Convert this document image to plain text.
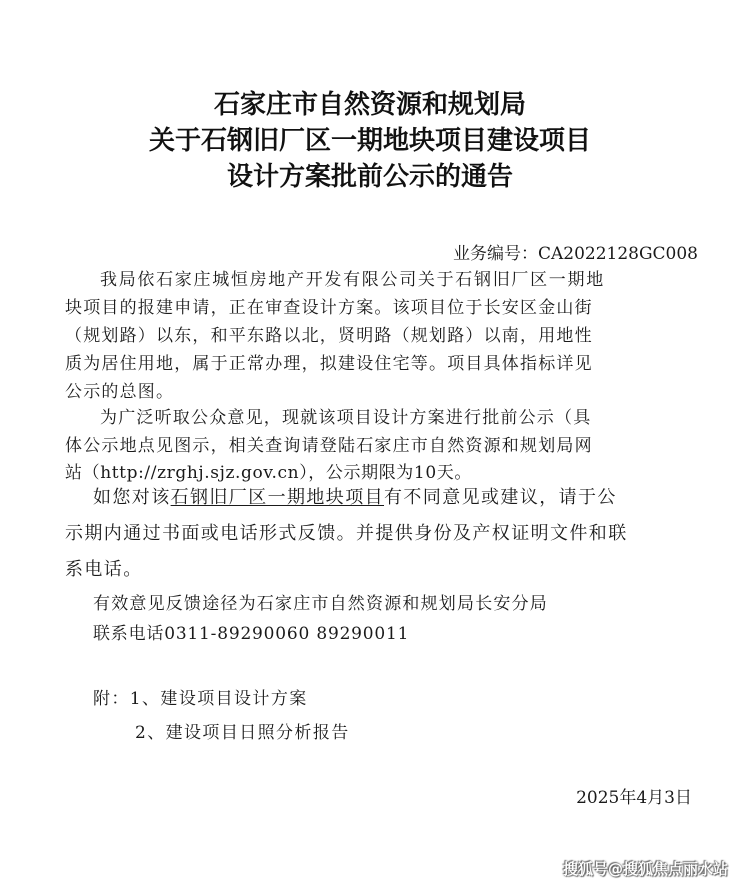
石家庄市自然资源和规划局
关于石钢旧厂区一期地块项目建设项目
设计方案批前公示的通告
业务编号：CA2022128GC008
我局依石家庄城恒房地产开发有限公司关于石钢旧厂区一期地
块项目的报建申请，正在审查设计方案。该项目位于长安区金山街
（规划路）以东，和平东路以北，贤明路（规划路）以南，用地性
质为居住用地，属于正常办理，拟建设住宅等。项目具体指标详见
公示的总图。
为广泛听取公众意见，现就该项目设计方案进行批前公示（具
体公示地点见图示，相关查询请登陆石家庄市自然资源和规划局网
站（http://zrghj.sjz.gov.cn），公示期限为10天。
如您对该石钢旧厂区一期地块项目有不同意见或建议，请于公
示期内通过书面或电话形式反馈。并提供身份及产权证明文件和联
系电话。
有效意见反馈途径为石家庄市自然资源和规划局长安分局
联系电话0311-89290060 89290011
附：1、建设项目设计方案
2、建设项目日照分析报告
2025年4月3日
搜狐号@搜狐焦点丽水站
